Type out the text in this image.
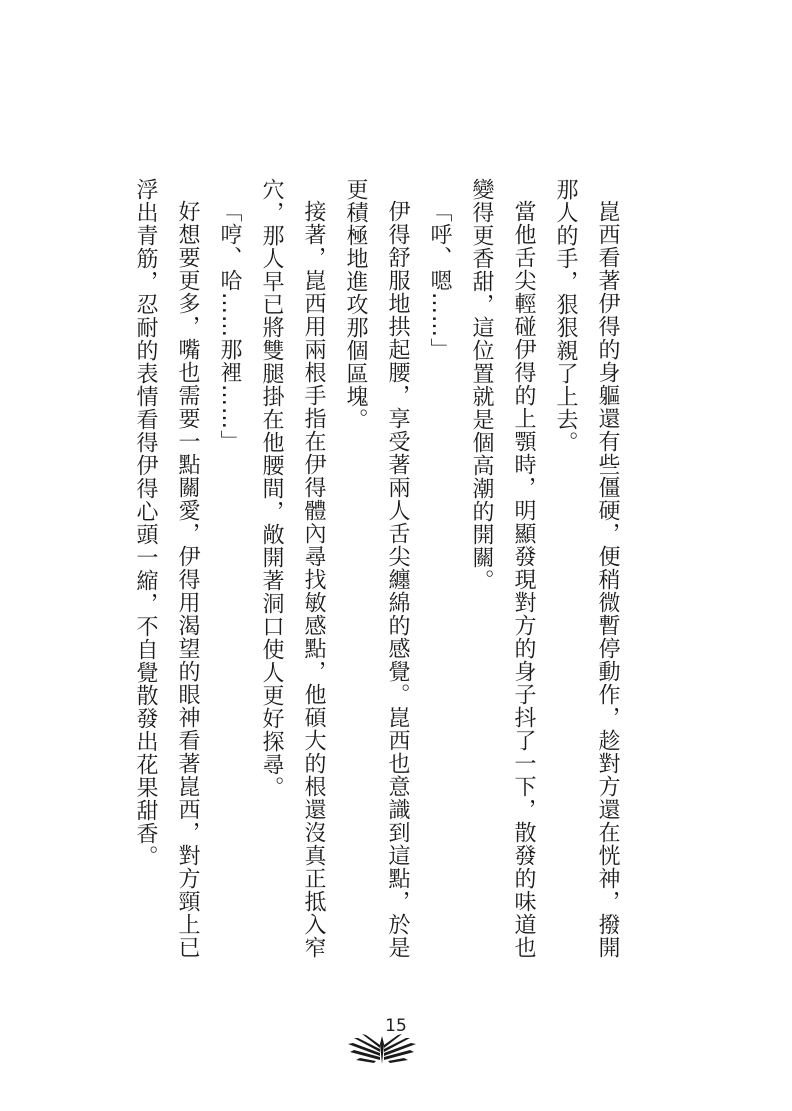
崑西看著伊得的身軀還有些僵硬，便稍微暫停動作，趁對方還在恍神，撥開那人的手，狠狠親了上去。

當他舌尖輕碰伊得的上顎時，明顯發現對方的身子抖了一下，散發的味道也變得更香甜，這位置就是個高潮的開關。

「呼、嗯……」

伊得舒服地拱起腰，享受著兩人舌尖纏綿的感覺。崑西也意識到這點，於是更積極地進攻那個區塊。

接著，崑西用兩根手指在伊得體內尋找敏感點，他碩大的根還沒真正抵入窄穴，那人早已將雙腿掛在他腰間，敞開著洞口使人更好探尋。

「哼、哈……那裡……」

好想要更多，嘴也需要一點關愛，伊得用渴望的眼神看著崑西，對方頸上已浮出青筋，忍耐的表情看得伊得心頭一縮，不自覺散發出花果甜香。

15
